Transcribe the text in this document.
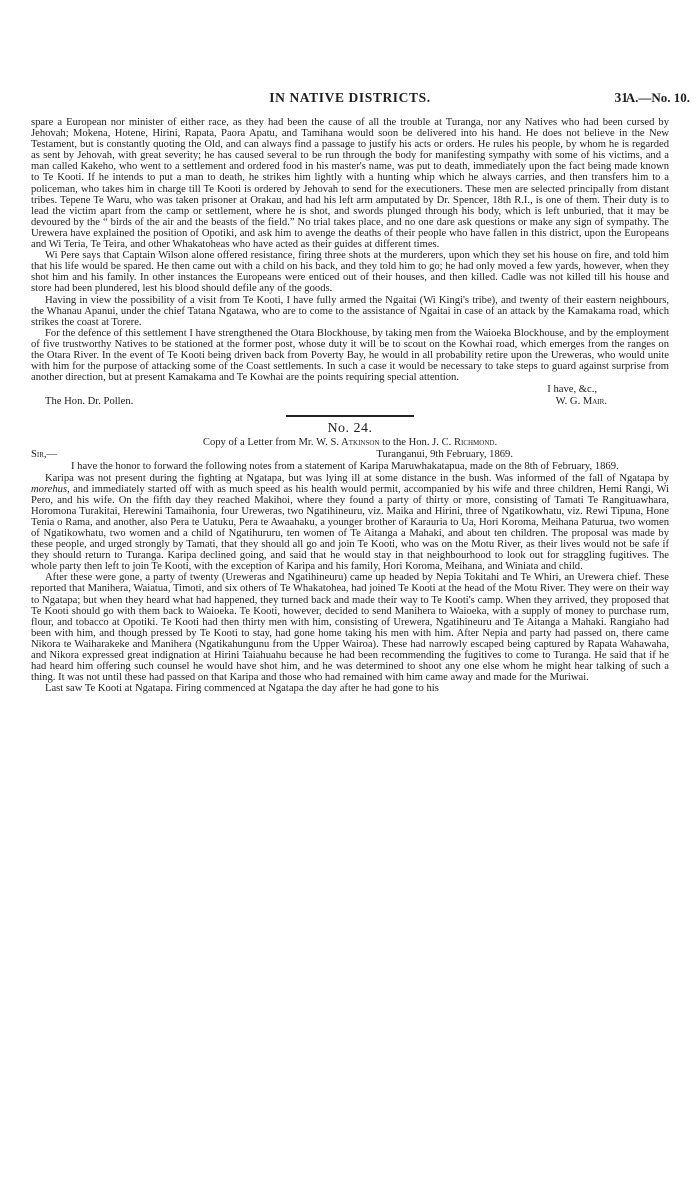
IN NATIVE DISTRICTS.	31
A.—No. 10.

spare a European nor minister of either race, as they had been the cause of all the trouble at Turanga, nor any Natives who had been cursed by Jehovah; Mokena, Hotene, Hirini, Rapata, Paora Apatu, and Tamihana would soon be delivered into his hand. He does not believe in the New Testament, but is constantly quoting the Old, and can always find a passage to justify his acts or orders. He rules his people, by whom he is regarded as sent by Jehovah, with great severity; he has caused several to be run through the body for manifesting sympathy with some of his victims, and a man called Kakeho, who went to a settlement and ordered food in his master's name, was put to death, immediately upon the fact being made known to Te Kooti. If he intends to put a man to death, he strikes him lightly with a hunting whip which he always carries, and then transfers him to a policeman, who takes him in charge till Te Kooti is ordered by Jehovah to send for the executioners. These men are selected principally from distant tribes. Tepene Te Waru, who was taken prisoner at Orakau, and had his left arm amputated by Dr. Spencer, 18th R.I., is one of them. Their duty is to lead the victim apart from the camp or settlement, where he is shot, and swords plunged through his body, which is left unburied, that it may be devoured by the “ birds of the air and the beasts of the field.” No trial takes place, and no one dare ask questions or make any sign of sympathy. The Urewera have explained the position of Opotiki, and ask him to avenge the deaths of their people who have fallen in this district, upon the Europeans and Wi Teria, Te Teira, and other Whakatoheas who have acted as their guides at different times.

Wi Pere says that Captain Wilson alone offered resistance, firing three shots at the murderers, upon which they set his house on fire, and told him that his life would be spared. He then came out with a child on his back, and they told him to go; he had only moved a few yards, however, when they shot him and his family. In other instances the Europeans were enticed out of their houses, and then killed. Cadle was not killed till his house and store had been plundered, lest his blood should defile any of the goods.

Having in view the possibility of a visit from Te Kooti, I have fully armed the Ngaitai (Wi Kingi's tribe), and twenty of their eastern neighbours, the Whanau Apanui, under the chief Tatana Ngatawa, who are to come to the assistance of Ngaitai in case of an attack by the Kamakama road, which strikes the coast at Torere.

For the defence of this settlement I have strengthened the Otara Blockhouse, by taking men from the Waioeka Blockhouse, and by the employment of five trustworthy Natives to be stationed at the former post, whose duty it will be to scout on the Kowhai road, which emerges from the ranges on the Otara River. In the event of Te Kooti being driven back from Poverty Bay, he would in all probability retire upon the Ureweras, who would unite with him for the purpose of attacking some of the Coast settlements. In such a case it would be necessary to take steps to guard against surprise from another direction, but at present Kamakama and Te Kowhai are the points requiring special attention.

I have, &c.,
The Hon. Dr. Pollen.	W. G. Mair.
No. 24.
Copy of a Letter from Mr. W. S. Atkinson to the Hon. J. C. Richmond.
Sir,—	Turanganui, 9th February, 1869.

I have the honor to forward the following notes from a statement of Karipa Maruwhakatapua, made on the 8th of February, 1869.

Karipa was not present during the fighting at Ngatapa, but was lying ill at some distance in the bush. Was informed of the fall of Ngatapa by morehus, and immediately started off with as much speed as his health would permit, accompanied by his wife and three children, Hemi Rangi, Wi Pero, and his wife. On the fifth day they reached Makihoi, where they found a party of thirty or more, consisting of Tamati Te Rangituawhara, Horomona Turakitai, Herewini Tamaihonia, four Ureweras, two Ngatihineuru, viz. Maika and Hirini, three of Ngatikowhatu, viz. Rewi Tipuna, Hone Tenia o Rama, and another, also Pera te Uatuku, Pera te Awaahaku, a younger brother of Karauria to Ua, Hori Koroma, Meihana Paturua, two women of Ngatikowhatu, two women and a child of Ngatihururu, ten women of Te Aitanga a Mahaki, and about ten children. The proposal was made by these people, and urged strongly by Tamati, that they should all go and join Te Kooti, who was on the Motu River, as their lives would not be safe if they should return to Turanga. Karipa declined going, and said that he would stay in that neighbourhood to look out for straggling fugitives. The whole party then left to join Te Kooti, with the exception of Karipa and his family, Hori Koroma, Meihana, and Winiata and child.

After these were gone, a party of twenty (Ureweras and Ngatihineuru) came up headed by Nepia Tokitahi and Te Whiri, an Urewera chief. These reported that Manihera, Waiatua, Timoti, and six others of Te Whakatohea, had joined Te Kooti at the head of the Motu River. They were on their way to Ngatapa; but when they heard what had happened, they turned back and made their way to Te Kooti's camp. When they arrived, they proposed that Te Kooti should go with them back to Waioeka. Te Kooti, however, decided to send Manihera to Waioeka, with a supply of money to purchase rum, flour, and tobacco at Opotiki. Te Kooti had then thirty men with him, consisting of Urewera, Ngatihineuru and Te Aitanga a Mahaki. Rangiaho had been with him, and though pressed by Te Kooti to stay, had gone home taking his men with him. After Nepia and party had passed on, there came Nikora te Waiharakeke and Manihera (Ngatikahungunu from the Upper Wairoa). These had narrowly escaped being captured by Rapata Wahawaha, and Nikora expressed great indignation at Hirini Taiahuahu because he had been recommending the fugitives to come to Turanga. He said that if he had heard him offering such counsel he would have shot him, and he was determined to shoot any one else whom he might hear talking of such a thing. It was not until these had passed on that Karipa and those who had remained with him came away and made for the Muriwai.

Last saw Te Kooti at Ngatapa. Firing commenced at Ngatapa the day after he had gone to his
